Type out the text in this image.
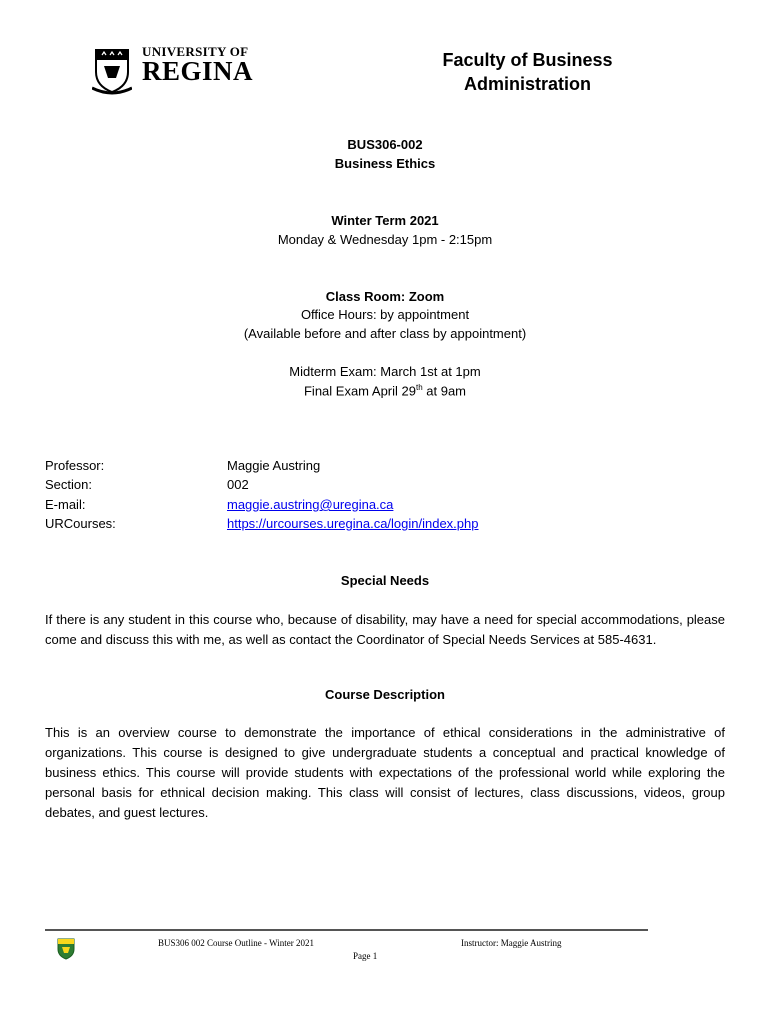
UNIVERSITY OF
REGINA	Faculty of Business
Administration
BUS306-002
Business Ethics
Winter Term 2021
Monday & Wednesday 1pm - 2:15pm
Class Room: Zoom
Office Hours: by appointment
(Available before and after class by appointment)
Midterm Exam: March 1st at 1pm
Final Exam April 29th at 9am
Professor:	Maggie Austring
Section:	002
E-mail:	maggie.austring@uregina.ca
URCourses:	https://urcourses.uregina.ca/login/index.php
Special Needs
If there is any student in this course who, because of disability, may have a need for special accommodations, please come and discuss this with me, as well as contact the Coordinator of Special Needs Services at 585-4631.
Course Description
This is an overview course to demonstrate the importance of ethical considerations in the administrative of organizations. This course is designed to give undergraduate students a conceptual and practical knowledge of business ethics. This course will provide students with expectations of the professional world while exploring the personal basis for ethnical decision making. This class will consist of lectures, class discussions, videos, group debates, and guest lectures.
BUS306 002 Course Outline - Winter 2021	Instructor: Maggie Austring
Page 1
